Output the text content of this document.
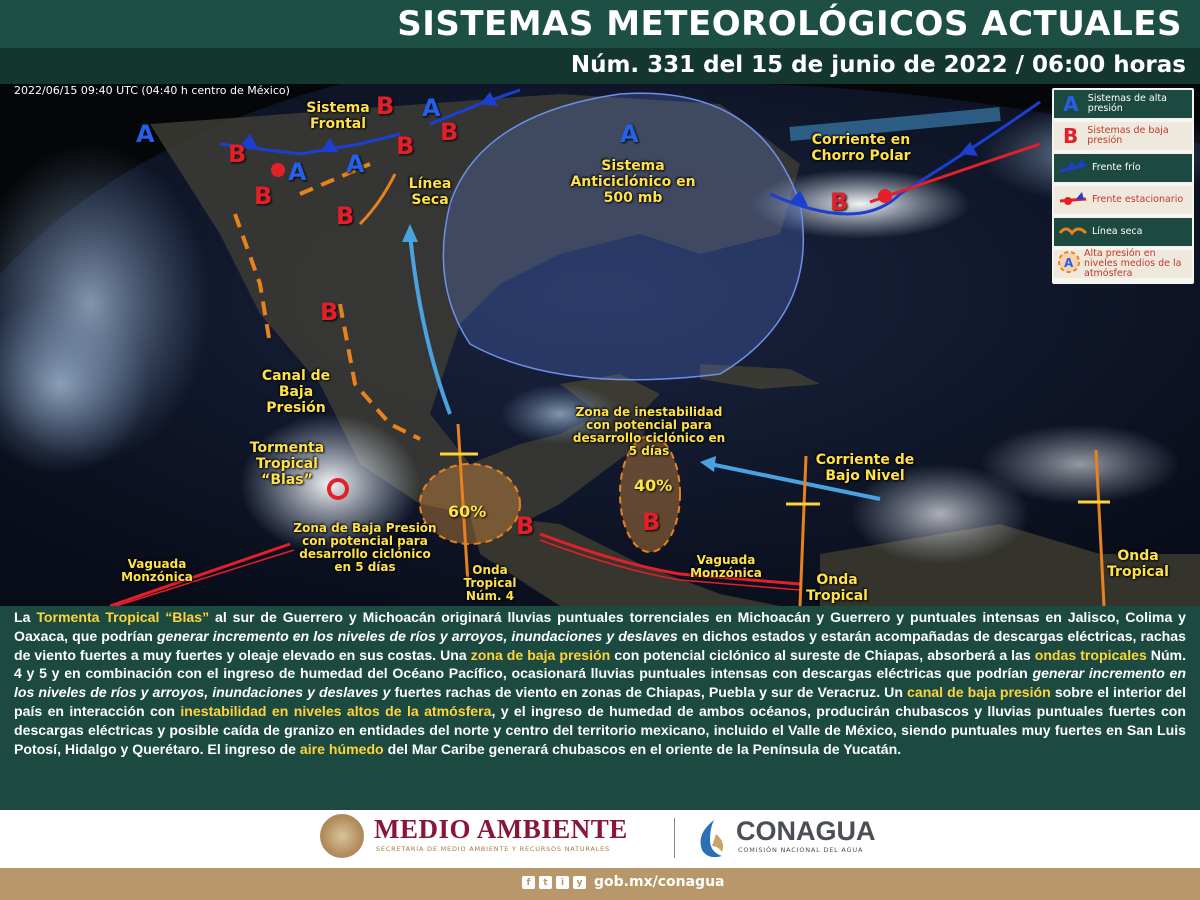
SISTEMAS METEOROLÓGICOS ACTUALES
Núm. 331 del 15 de junio de 2022 / 06:00 horas
2022/06/15 09:40 UTC (04:40 h centro de México)
A
A A
A
A
B
B
B
B B
B
B
B
B	B
60%
40%
Sistema Frontal
Línea Seca
Sistema Anticiclónico en 500 mb
Corriente en Chorro Polar
Canal de Baja Presión
Tormenta Tropical “Blas”
Zona de Baja Presión con potencial para desarrollo ciclónico en 5 días
Zona de inestabilidad con potencial para desarrollo ciclónico en 5 días
Corriente de Bajo Nivel
Vaguada Monzónica
Vaguada Monzónica
Onda Tropical Núm. 4
Onda Tropical
Onda Tropical
A Sistemas de alta presión
B Sistemas de baja presión
Frente frío
Frente estacionario
Línea seca
A
Alta presión en niveles medios de la atmósfera

La Tormenta Tropical “Blas” al sur de Guerrero y Michoacán originará lluvias puntuales torrenciales en Michoacán y Guerrero y puntuales intensas en Jalisco, Colima y Oaxaca, que podrían generar incremento en los niveles de ríos y arroyos, inundaciones y deslaves en dichos estados y estarán acompañadas de descargas eléctricas, rachas de viento fuertes a muy fuertes y oleaje elevado en sus costas. Una zona de baja presión con potencial ciclónico al sureste de Chiapas, absorberá a las ondas tropicales Núm. 4 y 5 y en combinación con el ingreso de humedad del Océano Pacífico, ocasionará lluvias puntuales intensas con descargas eléctricas que podrían generar incremento en los niveles de ríos y arroyos, inundaciones y deslaves y fuertes rachas de viento en zonas de Chiapas, Puebla y sur de Veracruz. Un canal de baja presión sobre el interior del país en interacción con inestabilidad en niveles altos de la atmósfera, y el ingreso de humedad de ambos océanos, producirán chubascos y lluvias puntuales fuertes con descargas eléctricas y posible caída de granizo en entidades del norte y centro del territorio mexicano, incluido el Valle de México, siendo puntuales muy fuertes en San Luis Potosí, Hidalgo y Querétaro. El ingreso de aire húmedo del Mar Caribe generará chubascos en el oriente de la Península de Yucatán.

MEDIO AMBIENTE
SECRETARÍA DE MEDIO AMBIENTE Y RECURSOS NATURALES
CONAGUA
COMISIÓN NACIONAL DEL AGUA
f	t	i	y gob.mx/conagua
